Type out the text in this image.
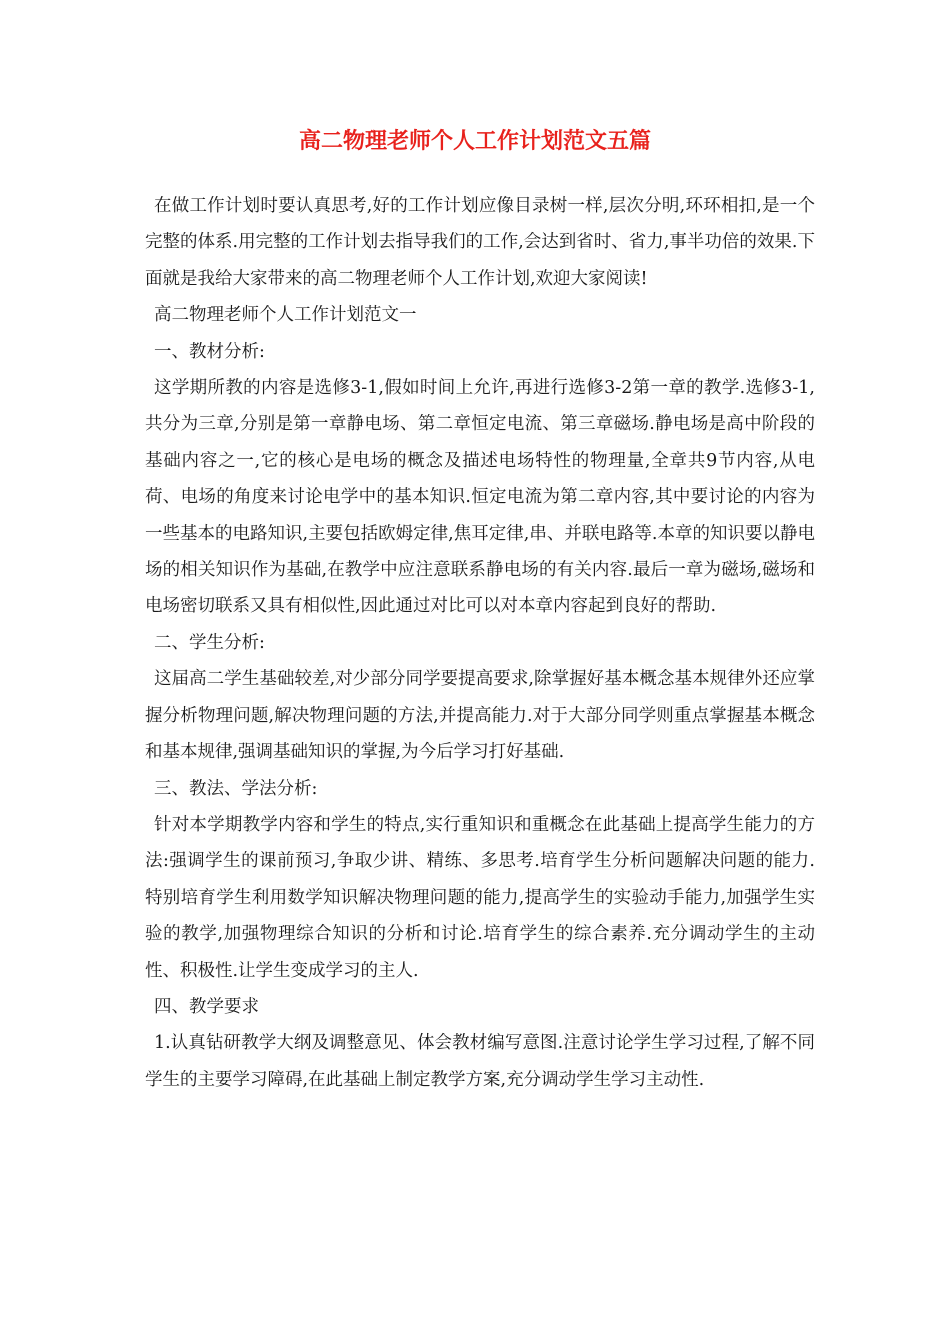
高二物理老师个人工作计划范文五篇

在做工作计划时要认真思考,好的工作计划应像目录树一样,层次分明,环环相扣,是一个完整的体系.用完整的工作计划去指导我们的工作,会达到省时、省力,事半功倍的效果.下面就是我给大家带来的高二物理老师个人工作计划,欢迎大家阅读!

高二物理老师个人工作计划范文一

一、教材分析:

这学期所教的内容是选修3-1,假如时间上允许,再进行选修3-2第一章的教学.选修3-1,共分为三章,分别是第一章静电场、第二章恒定电流、第三章磁场.静电场是高中阶段的基础内容之一,它的核心是电场的概念及描述电场特性的物理量,全章共9节内容,从电荷、电场的角度来讨论电学中的基本知识.恒定电流为第二章内容,其中要讨论的内容为一些基本的电路知识,主要包括欧姆定律,焦耳定律,串、并联电路等.本章的知识要以静电场的相关知识作为基础,在教学中应注意联系静电场的有关内容.最后一章为磁场,磁场和电场密切联系又具有相似性,因此通过对比可以对本章内容起到良好的帮助.

二、学生分析:

这届高二学生基础较差,对少部分同学要提高要求,除掌握好基本概念基本规律外还应掌握分析物理问题,解决物理问题的方法,并提高能力.对于大部分同学则重点掌握基本概念和基本规律,强调基础知识的掌握,为今后学习打好基础.

三、教法、学法分析:

针对本学期教学内容和学生的特点,实行重知识和重概念在此基础上提高学生能力的方法:强调学生的课前预习,争取少讲、精练、多思考.培育学生分析问题解决问题的能力.特别培育学生利用数学知识解决物理问题的能力,提高学生的实验动手能力,加强学生实验的教学,加强物理综合知识的分析和讨论.培育学生的综合素养.充分调动学生的主动性、积极性.让学生变成学习的主人.

四、教学要求

1.认真钻研教学大纲及调整意见、体会教材编写意图.注意讨论学生学习过程,了解不同学生的主要学习障碍,在此基础上制定教学方案,充分调动学生学习主动性.
